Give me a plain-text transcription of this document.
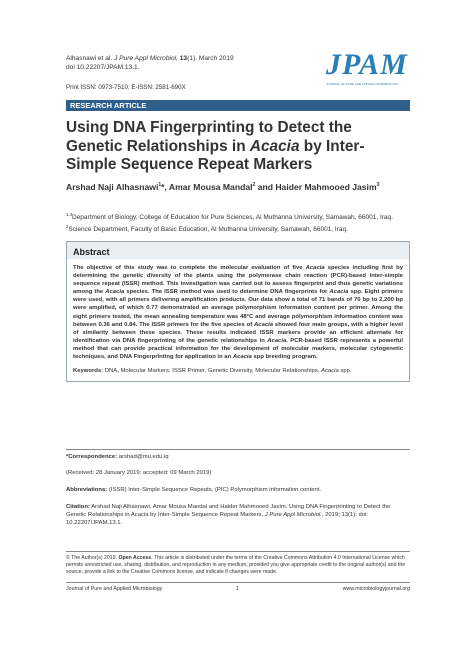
Alhasnawi et al. J Pure Appl Microbiol, 13(1), March 2019
doi 10.22207/JPAM.13.1.
Print ISSN: 0973-7510; E-ISSN: 2581-690X
JPAM
JOURNAL OF PURE AND APPLIED MICROBIOLOGY
RESEARCH ARTICLE
Using DNA Fingerprinting to Detect the Genetic Relationships in Acacia by Inter-Simple Sequence Repeat Markers
Arshad Naji Alhasnawi$^1$*, Amar Mousa Mandal$^2$ and Haider Mahmooed Jasim$^3$
$^{1,3}$Department of Biology, College of Education for Pure Sciences, Al Muthanna University, Samawah, 66001, Iraq.
$^2$Science Department, Faculty of Basic Education, Al Muthanna University, Samawah, 66001, Iraq.
Abstract
The objective of this study was to complete the molecular evaluation of five Acacia species including first by determining the genetic diversity of the plants using the polymerase chain reaction (PCR)-based inter-simple sequence repeat (ISSR) method. This investigation was carried out to assess fingerprint and thus genetic variations among the Acacia species. The ISSR method was used to determine DNA fingerprints for Acacia spp. Eight primers were used, with all primers delivering amplification products. Our data show a total of 71 bands of 70 bp to 2,200 bp were amplified, of which 0.77 demonstrated an average polymorphism information content per primer. Among the eight primers tested, the mean annealing temperature was 48°C and average polymorphism information content was between 0.36 and 0.84. The ISSR primers for the five species of Acacia showed four main groups, with a higher level of similarity between these species. These results indicated ISSR markers provide an efficient alternate for identification via DNA fingerprinting of the genetic relationships in Acacia. PCR-based ISSR represents a powerful method that can provide practical information for the development of molecular markers, molecular cytogenetic techniques, and DNA Fingerprinting for application in an Acacia spp breeding program.
Keywords: DNA, Molecular Markers, ISSR Primer, Genetic Diversity, Molecular Relationships, Acacia spp.
*Correspondence: arshad@mu.edu.iq
(Received: 28 January 2019; accepted: 09 March 2019)
Abbreviations: (ISSR) Inter-Simple Sequence Repeats, (PIC) Polymorphism information content.
Citation: Arshad Naji Alhasnawi, Amar Mousa Mandal and Haider Mahmooed Jasim, Using DNA Fingerprinting to Detect the Genetic Relationships in Acacia by Inter-Simple Sequence Repeat Markers, J Pure Appl Microbiol., 2019; 13(1): doi: 10.22207/JPAM.13.1.
© The Author(s) 2019. Open Access. This article is distributed under the terms of the Creative Commons Attribution 4.0 International License which permits unrestricted use, sharing, distribution, and reproduction in any medium, provided you give appropriate credit to the original author(s) and the source, provide a link to the Creative Commons license, and indicate if changes were made.
Journal of Pure and Applied Microbiology	1	www.microbiologyjournal.org
